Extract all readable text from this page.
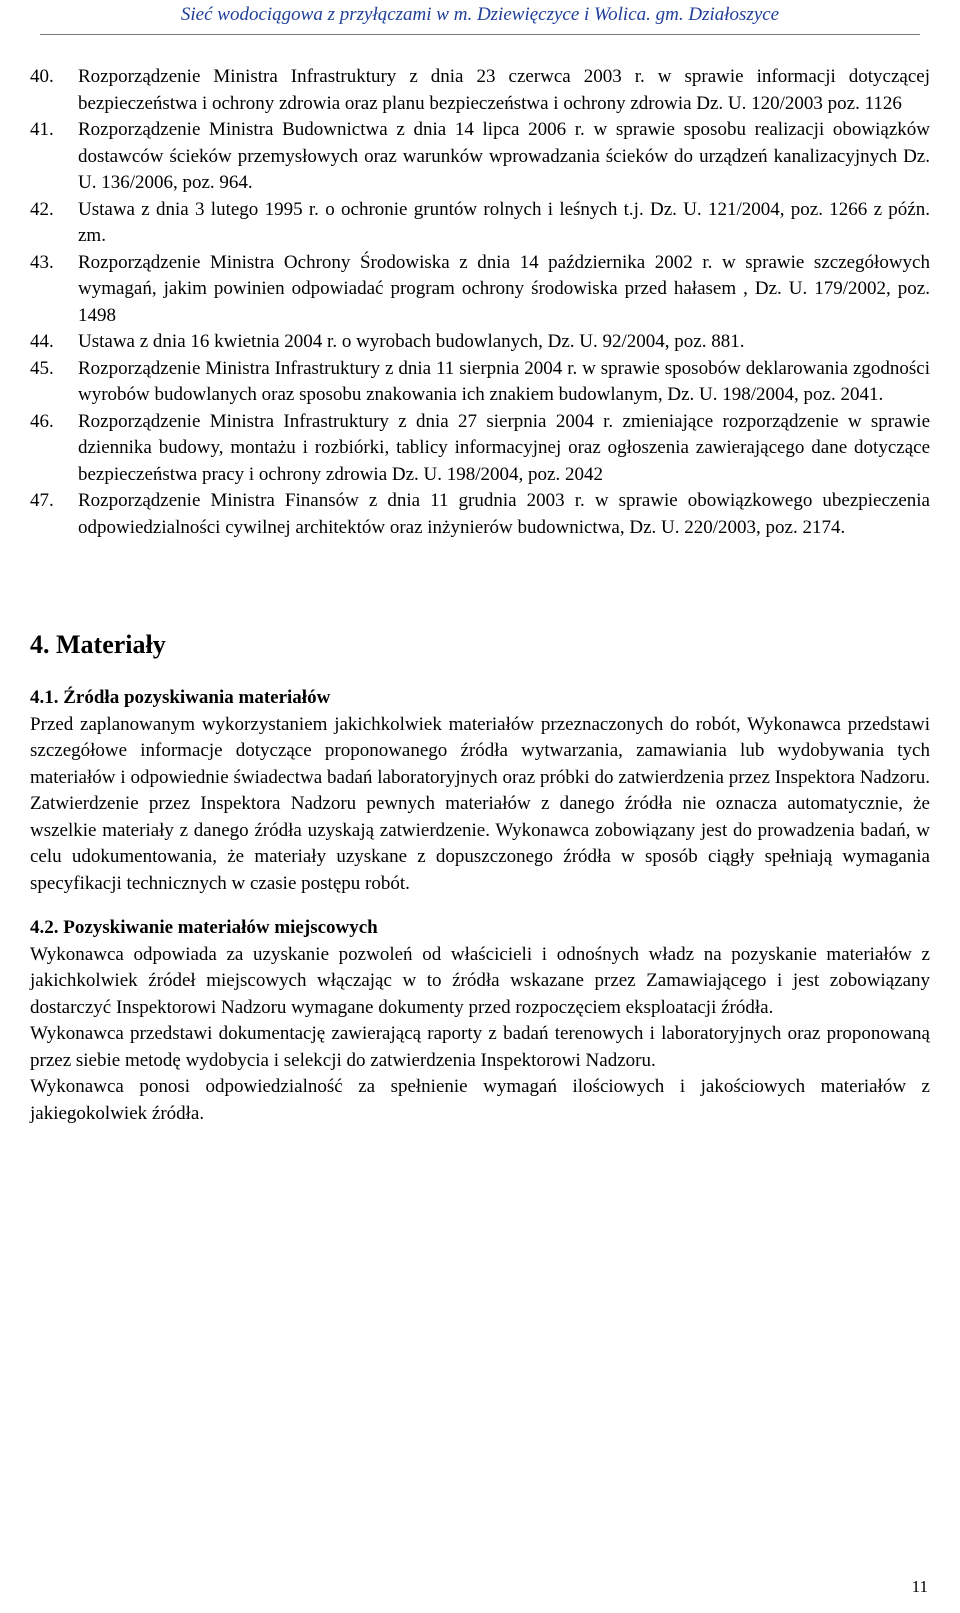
Sieć wodociągowa z przyłączami w m. Dziewięczyce i Wolica. gm. Działoszyce
40.	Rozporządzenie Ministra Infrastruktury z dnia 23 czerwca 2003 r. w sprawie informacji dotyczącej bezpieczeństwa i ochrony zdrowia oraz planu bezpieczeństwa i ochrony zdrowia Dz. U. 120/2003 poz. 1126
41.	Rozporządzenie Ministra Budownictwa z dnia 14 lipca 2006 r. w sprawie sposobu realizacji obowiązków dostawców ścieków przemysłowych oraz warunków wprowadzania ścieków do urządzeń kanalizacyjnych Dz. U. 136/2006, poz. 964.
42.	Ustawa z dnia 3 lutego 1995 r. o ochronie gruntów rolnych i leśnych t.j. Dz. U. 121/2004, poz. 1266 z późn. zm.
43.	Rozporządzenie Ministra Ochrony Środowiska z dnia 14 października 2002 r. w sprawie szczegółowych wymagań, jakim powinien odpowiadać program ochrony środowiska przed hałasem , Dz. U. 179/2002, poz. 1498
44.	Ustawa z dnia 16 kwietnia 2004 r. o wyrobach budowlanych, Dz. U. 92/2004, poz. 881.
45.	Rozporządzenie Ministra Infrastruktury z dnia 11 sierpnia 2004 r. w sprawie sposobów deklarowania zgodności wyrobów budowlanych oraz sposobu znakowania ich znakiem budowlanym, Dz. U. 198/2004, poz. 2041.
46.	Rozporządzenie Ministra Infrastruktury z dnia 27 sierpnia 2004 r. zmieniające rozporządzenie w sprawie dziennika budowy, montażu i rozbiórki, tablicy informacyjnej oraz ogłoszenia zawierającego dane dotyczące bezpieczeństwa pracy i ochrony zdrowia Dz. U. 198/2004, poz. 2042
47.	Rozporządzenie Ministra Finansów z dnia 11 grudnia 2003 r. w sprawie obowiązkowego ubezpieczenia odpowiedzialności cywilnej architektów oraz inżynierów budownictwa, Dz. U. 220/2003, poz. 2174.
4. Materiały
4.1. Źródła pozyskiwania materiałów

Przed zaplanowanym wykorzystaniem jakichkolwiek materiałów przeznaczonych do robót, Wykonawca przedstawi szczegółowe informacje dotyczące proponowanego źródła wytwarzania, zamawiania lub wydobywania tych materiałów i odpowiednie świadectwa badań laboratoryjnych oraz próbki do zatwierdzenia przez Inspektora Nadzoru. Zatwierdzenie przez Inspektora Nadzoru pewnych materiałów z danego źródła nie oznacza automatycznie, że wszelkie materiały z danego źródła uzyskają zatwierdzenie. Wykonawca zobowiązany jest do prowadzenia badań, w celu udokumentowania, że materiały uzyskane z dopuszczonego źródła w sposób ciągły spełniają wymagania specyfikacji technicznych w czasie postępu robót.

4.2. Pozyskiwanie materiałów miejscowych

Wykonawca odpowiada za uzyskanie pozwoleń od właścicieli i odnośnych władz na pozyskanie materiałów z jakichkolwiek źródeł miejscowych włączając w to źródła wskazane przez Zamawiającego i jest zobowiązany dostarczyć Inspektorowi Nadzoru wymagane dokumenty przed rozpoczęciem eksploatacji źródła.

Wykonawca przedstawi dokumentację zawierającą raporty z badań terenowych i laboratoryjnych oraz proponowaną przez siebie metodę wydobycia i selekcji do zatwierdzenia Inspektorowi Nadzoru.

Wykonawca ponosi odpowiedzialność za spełnienie wymagań ilościowych i jakościowych materiałów z jakiegokolwiek źródła.

11
